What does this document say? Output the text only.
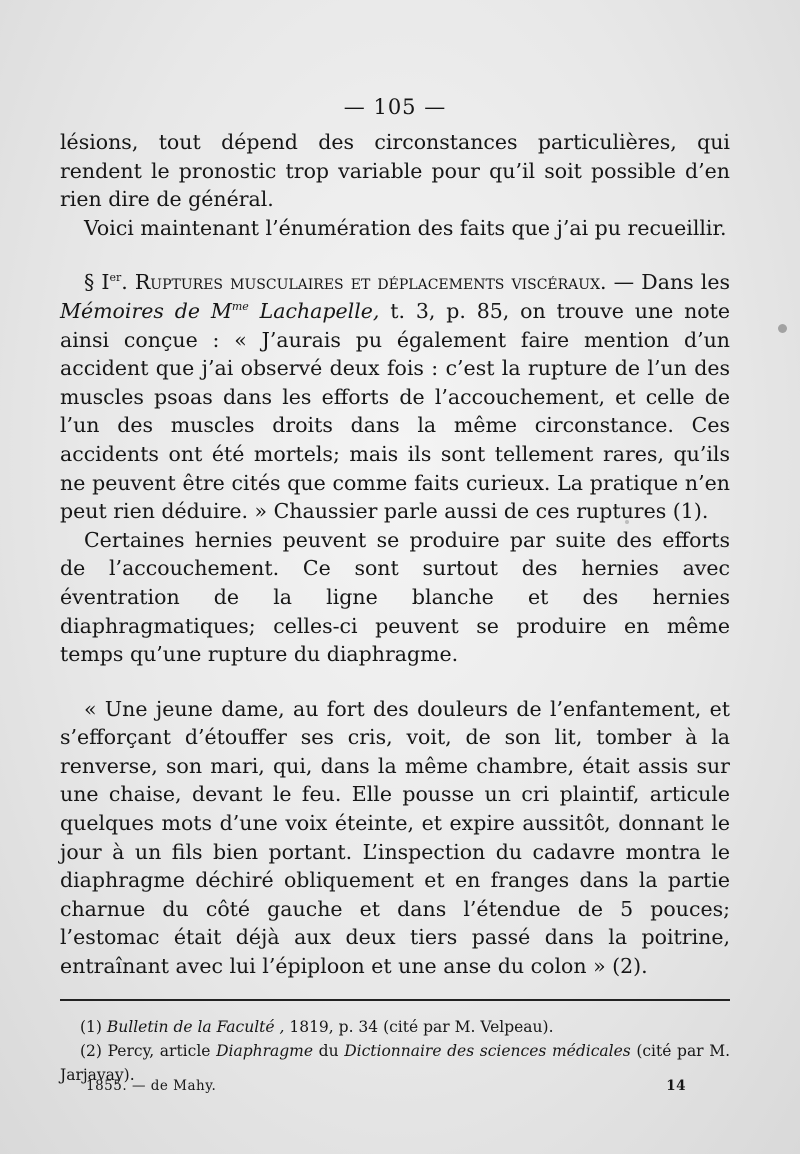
— 105 —

lésions, tout dépend des circonstances particulières, qui rendent le pronostic trop variable pour qu’il soit possible d’en rien dire de général.

Voici maintenant l’énumération des faits que j’ai pu recueillir.

§ Ier. Ruptures musculaires et déplacements viscéraux. — Dans les Mémoires de $M^{me}$ Lachapelle, t. 3, p. 85, on trouve une note ainsi conçue : « J’aurais pu également faire mention d’un accident que j’ai observé deux fois : c’est la rupture de l’un des muscles psoas dans les efforts de l’accouchement, et celle de l’un des muscles droits dans la même circonstance. Ces accidents ont été mortels; mais ils sont tellement rares, qu’ils ne peuvent être cités que comme faits curieux. La pratique n’en peut rien déduire. » Chaussier parle aussi de ces ruptures (1).

Certaines hernies peuvent se produire par suite des efforts de l’accouchement. Ce sont surtout des hernies avec éventration de la ligne blanche et des hernies diaphragmatiques; celles-ci peuvent se produire en même temps qu’une rupture du diaphragme.

« Une jeune dame, au fort des douleurs de l’enfantement, et s’efforçant d’étouffer ses cris, voit, de son lit, tomber à la renverse, son mari, qui, dans la même chambre, était assis sur une chaise, devant le feu. Elle pousse un cri plaintif, articule quelques mots d’une voix éteinte, et expire aussitôt, donnant le jour à un fils bien portant. L’inspection du cadavre montra le diaphragme déchiré obliquement et en franges dans la partie charnue du côté gauche et dans l’étendue de 5 pouces; l’estomac était déjà aux deux tiers passé dans la poitrine, entraînant avec lui l’épiploon et une anse du colon » (2).

(1) Bulletin de la Faculté , 1819, p. 34 (cité par M. Velpeau).

(2) Percy, article Diaphragme du Dictionnaire des sciences médicales (cité par M. Jarjavay).

1855. — de Mahy.	14
